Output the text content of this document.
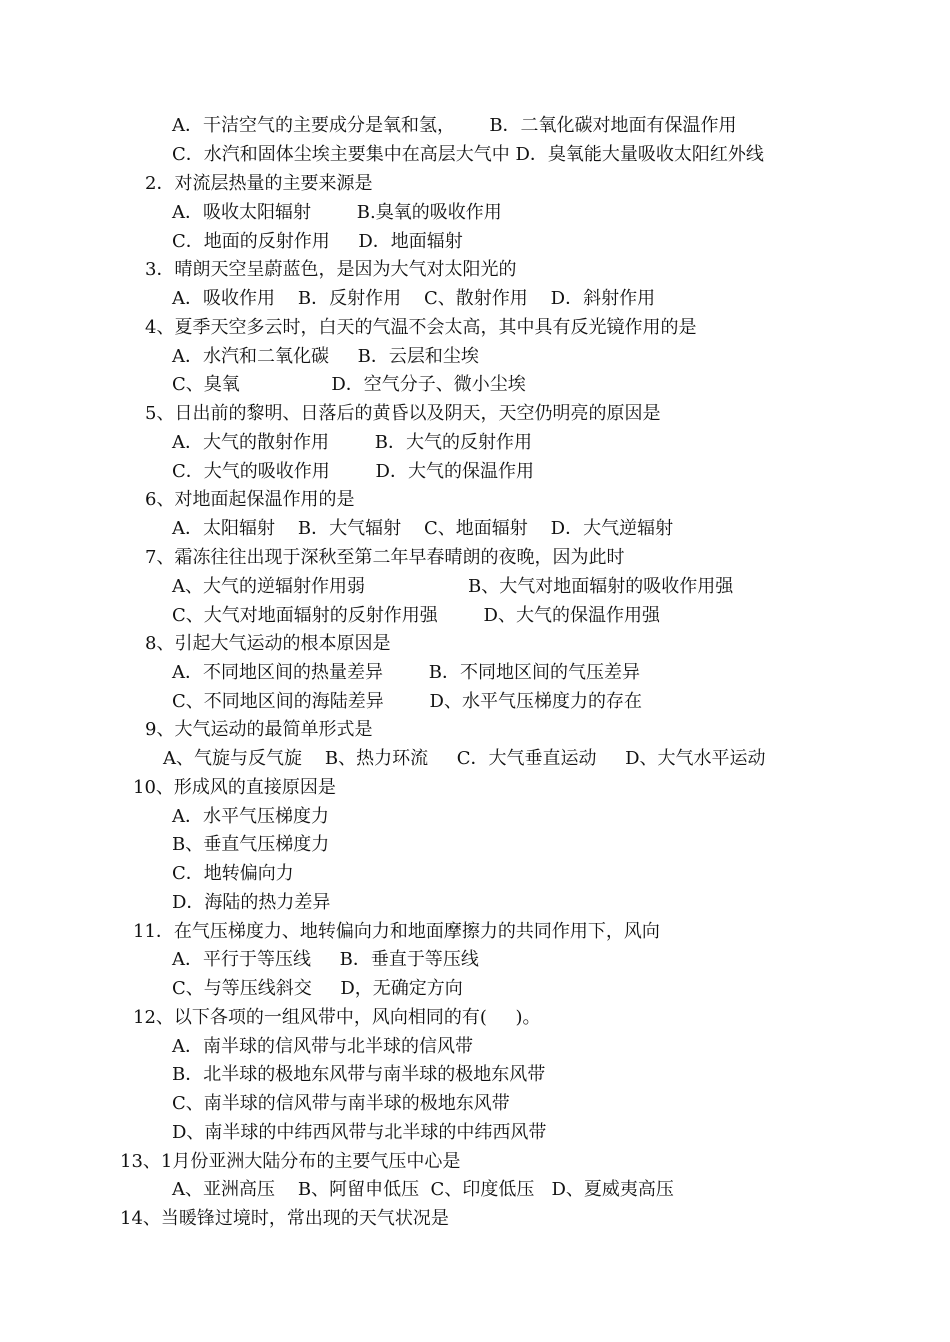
A．干洁空气的主要成分是氧和氢，      B．二氧化碳对地面有保温作用
C．水汽和固体尘埃主要集中在高层大气中 D．臭氧能大量吸收太阳红外线
2．对流层热量的主要来源是
A．吸收太阳辐射        B.臭氧的吸收作用
C．地面的反射作用     D．地面辐射
3．晴朗天空呈蔚蓝色，是因为大气对太阳光的
A．吸收作用    B．反射作用    C、散射作用    D．斜射作用
4、夏季天空多云时，白天的气温不会太高，其中具有反光镜作用的是
A．水汽和二氧化碳     B．云层和尘埃
C、臭氧                D．空气分子、微小尘埃
5、日出前的黎明、日落后的黄昏以及阴天，天空仍明亮的原因是
A．大气的散射作用        B．大气的反射作用
C．大气的吸收作用        D．大气的保温作用
6、对地面起保温作用的是
A．太阳辐射    B．大气辐射    C、地面辐射    D．大气逆辐射
7、霜冻往往出现于深秋至第二年早春晴朗的夜晚，因为此时
A、大气的逆辐射作用弱                  B、大气对地面辐射的吸收作用强
C、大气对地面辐射的反射作用强        D、大气的保温作用强
8、引起大气运动的根本原因是
A．不同地区间的热量差异        B．不同地区间的气压差异
C、不同地区间的海陆差异        D、水平气压梯度力的存在
9、大气运动的最简单形式是
A、气旋与反气旋    B、热力环流     C．大气垂直运动     D、大气水平运动
10、形成风的直接原因是
A．水平气压梯度力
B、垂直气压梯度力
C．地转偏向力
D．海陆的热力差异
11．在气压梯度力、地转偏向力和地面摩擦力的共同作用下，风向
A．平行于等压线     B．垂直于等压线
C、与等压线斜交     D，无确定方向
12、以下各项的一组风带中，风向相同的有(     )。
A．南半球的信风带与北半球的信风带
B．北半球的极地东风带与南半球的极地东风带
C、南半球的信风带与南半球的极地东风带
D、南半球的中纬西风带与北半球的中纬西风带
13、1月份亚洲大陆分布的主要气压中心是
A、亚洲高压    B、阿留申低压  C、印度低压   D、夏威夷高压
14、当暖锋过境时，常出现的天气状况是
